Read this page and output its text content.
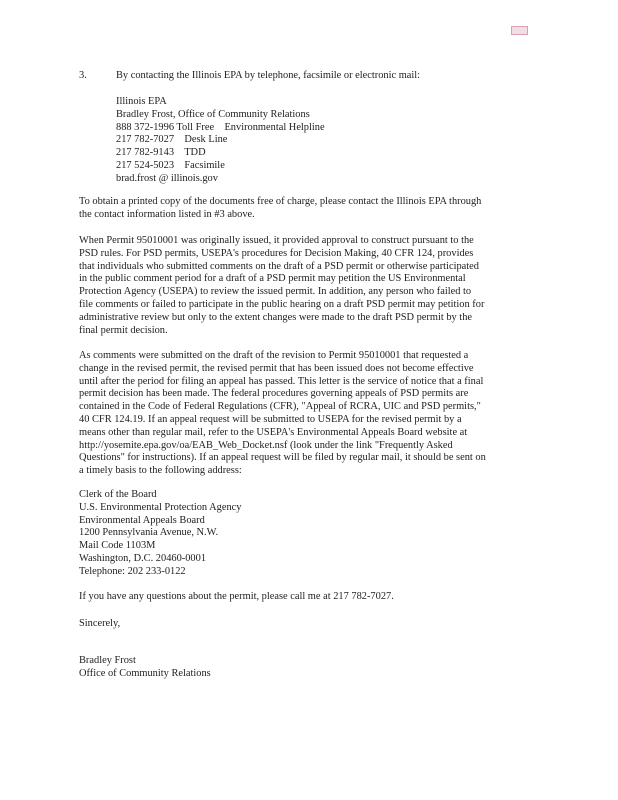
3.	By contacting the Illinois EPA by telephone, facsimile or electronic mail:
Illinois EPA
Bradley Frost, Office of Community Relations
888 372-1996 Toll Free    Environmental Helpline
217 782-7027    Desk Line
217 782-9143    TDD
217 524-5023    Facsimile
brad.frost @ illinois.gov
To obtain a printed copy of the documents free of charge, please contact the Illinois EPA through
the contact information listed in #3 above.
When Permit 95010001 was originally issued, it provided approval to construct pursuant to the
PSD rules. For PSD permits, USEPA's procedures for Decision Making, 40 CFR 124, provides
that individuals who submitted comments on the draft of a PSD permit or otherwise participated
in the public comment period for a draft of a PSD permit may petition the US Environmental
Protection Agency (USEPA) to review the issued permit. In addition, any person who failed to
file comments or failed to participate in the public hearing on a draft PSD permit may petition for
administrative review but only to the extent changes were made to the draft PSD permit by the
final permit decision.
As comments were submitted on the draft of the revision to Permit 95010001 that requested a
change in the revised permit, the revised permit that has been issued does not become effective
until after the period for filing an appeal has passed. This letter is the service of notice that a final
permit decision has been made. The federal procedures governing appeals of PSD permits are
contained in the Code of Federal Regulations (CFR), "Appeal of RCRA, UIC and PSD permits,"
40 CFR 124.19. If an appeal request will be submitted to USEPA for the revised permit by a
means other than regular mail, refer to the USEPA's Environmental Appeals Board website at
http://yosemite.epa.gov/oa/EAB_Web_Docket.nsf (look under the link "Frequently Asked
Questions" for instructions). If an appeal request will be filed by regular mail, it should be sent on
a timely basis to the following address:
Clerk of the Board
U.S. Environmental Protection Agency
Environmental Appeals Board
1200 Pennsylvania Avenue, N.W.
Mail Code 1103M
Washington, D.C. 20460-0001
Telephone: 202 233-0122
If you have any questions about the permit, please call me at 217 782-7027.
Sincerely,
Bradley Frost
Office of Community Relations
